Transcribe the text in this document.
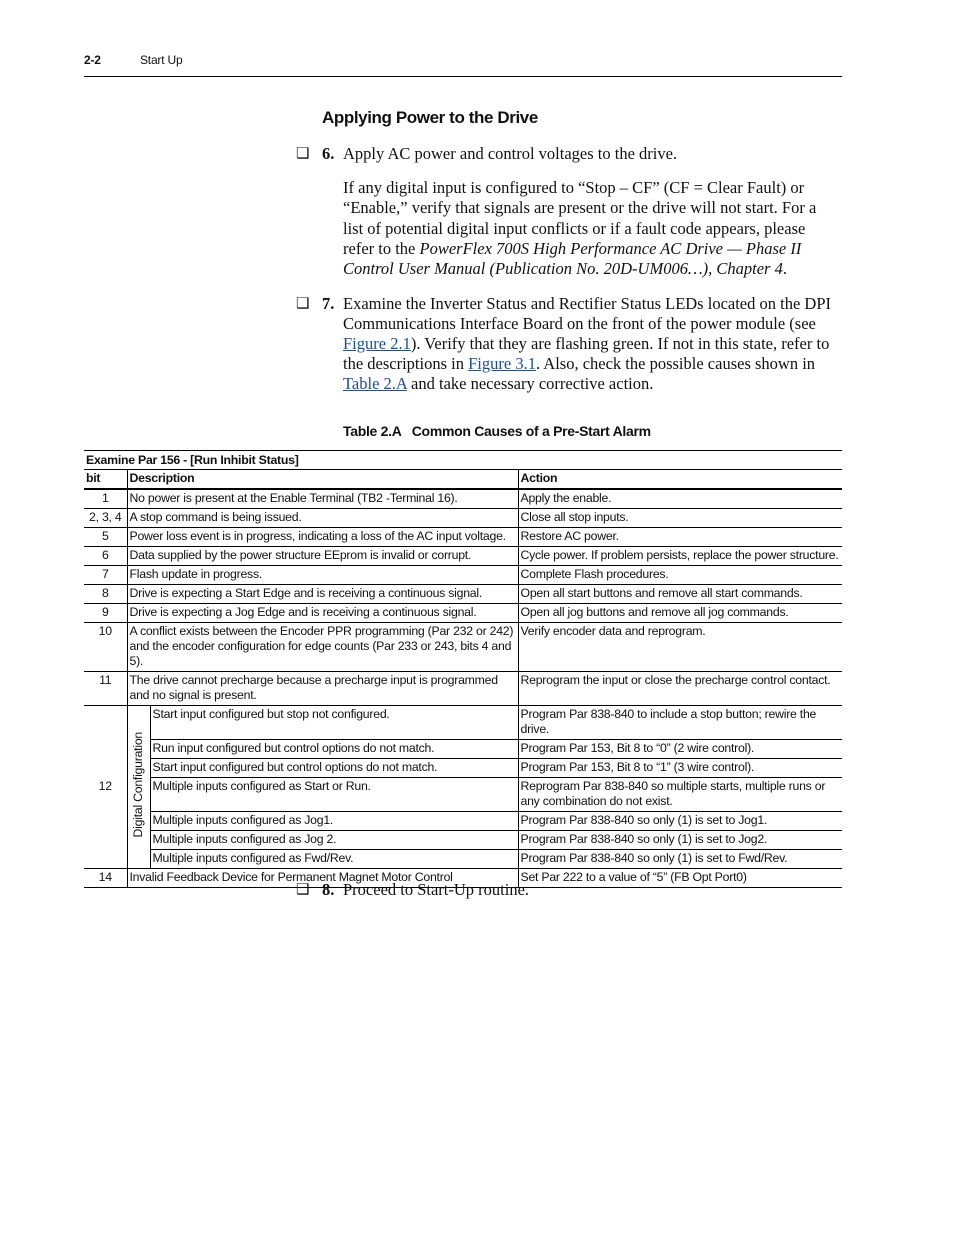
2-2	Start Up
Applying Power to the Drive
❑ 6. Apply AC power and control voltages to the drive.
If any digital input is configured to “Stop – CF” (CF = Clear Fault) or “Enable,” verify that signals are present or the drive will not start. For a list of potential digital input conflicts or if a fault code appears, please refer to the PowerFlex 700S High Performance AC Drive — Phase II Control User Manual (Publication No. 20D-UM006…), Chapter 4.
❑ 7. Examine the Inverter Status and Rectifier Status LEDs located on the DPI Communications Interface Board on the front of the power module (see Figure 2.1). Verify that they are flashing green. If not in this state, refer to the descriptions in Figure 3.1. Also, check the possible causes shown in Table 2.A and take necessary corrective action.
Table 2.A   Common Causes of a Pre-Start Alarm
Examine Par 156 - [Run Inhibit Status]			
bit	Description		Action
1	No power is present at the Enable Terminal (TB2 -Terminal 16).		Apply the enable.
2, 3, 4	A stop command is being issued.		Close all stop inputs.
5	Power loss event is in progress, indicating a loss of the AC input voltage.		Restore AC power.
6	Data supplied by the power structure EEprom is invalid or corrupt.		Cycle power. If problem persists, replace the power structure.
7	Flash update in progress.		Complete Flash procedures.
8	Drive is expecting a Start Edge and is receiving a continuous signal.		Open all start buttons and remove all start commands.
9	Drive is expecting a Jog Edge and is receiving a continuous signal.		Open all jog buttons and remove all jog commands.
10	A conflict exists between the Encoder PPR programming (Par 232 or 242) and the encoder configuration for edge counts (Par 233 or 243, bits 4 and 5).		Verify encoder data and reprogram.
11	The drive cannot precharge because a precharge input is programmed and no signal is present.		Reprogram the input or close the precharge control contact.
12	Digital Configuration	Start input configured but stop not configured.	Program Par 838-840 to include a stop button; rewire the drive.
		Run input configured but control options do not match.	Program Par 153, Bit 8 to “0” (2 wire control).
		Start input configured but control options do not match.	Program Par 153, Bit 8 to “1” (3 wire control).
		Multiple inputs configured as Start or Run.	Reprogram Par 838-840 so multiple starts, multiple runs or any combination do not exist.
		Multiple inputs configured as Jog1.	Program Par 838-840 so only (1) is set to Jog1.
		Multiple inputs configured as Jog 2.	Program Par 838-840 so only (1) is set to Jog2.
		Multiple inputs configured as Fwd/Rev.	Program Par 838-840 so only (1) is set to Fwd/Rev.
14	Invalid Feedback Device for Permanent Magnet Motor Control		Set Par 222 to a value of “5” (FB Opt Port0)
❑ 8. Proceed to Start-Up routine.
